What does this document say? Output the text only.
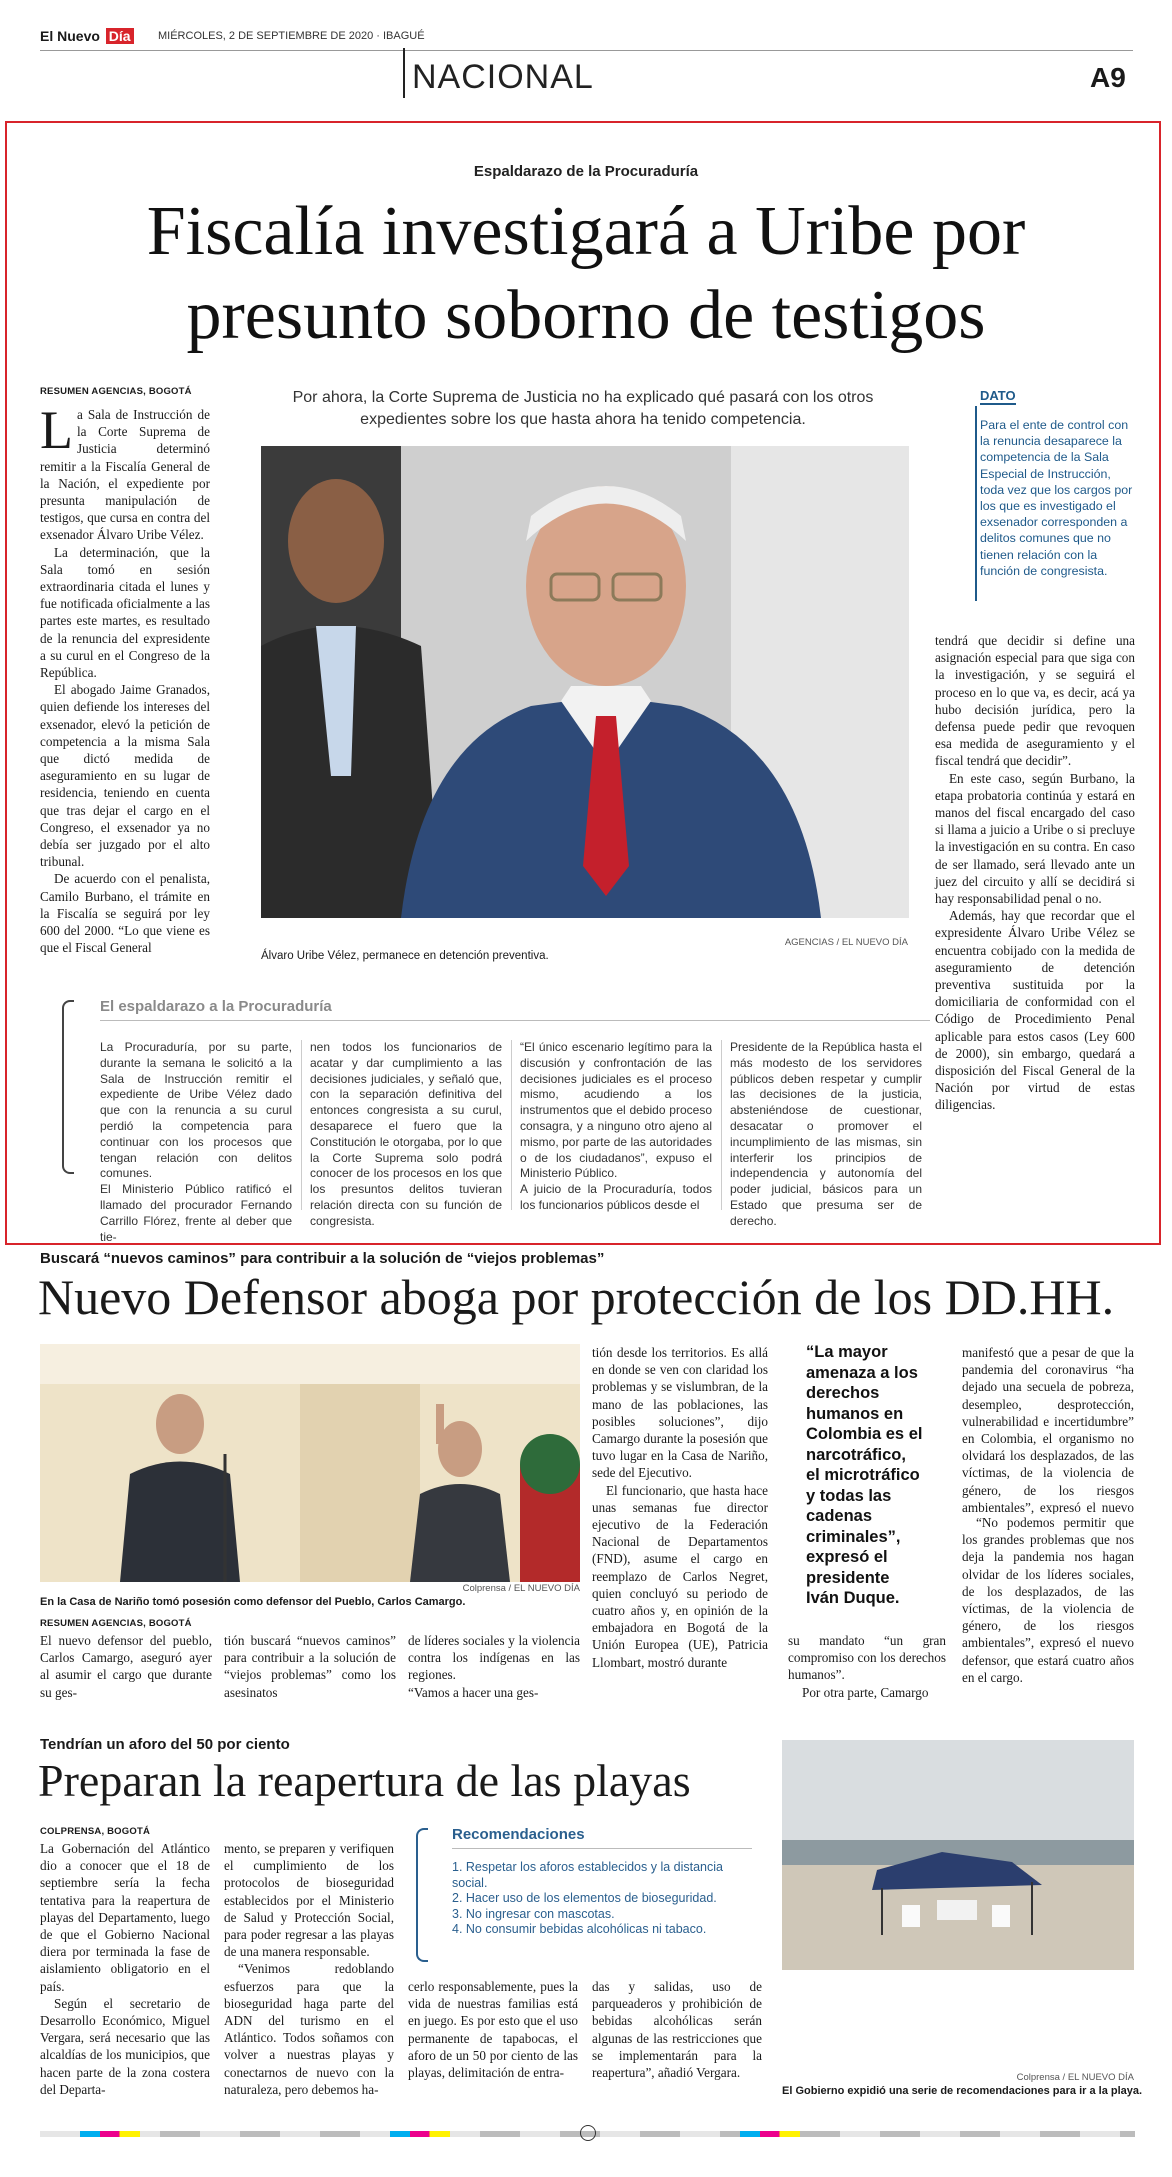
El Nuevo Día MIÉRCOLES, 2 DE SEPTIEMBRE DE 2020 · IBAGUÉ
NACIONAL	A9
Espaldarazo de la Procuraduría
Fiscalía investigará a Uribe por
presunto soborno de testigos
RESUMEN AGENCIAS, BOGOTÁ

La Sala de Instrucción de la Corte Suprema de Justicia determinó remitir a la Fiscalía General de la Nación, el expediente por presunta manipulación de testigos, que cursa en contra del exsenador Álvaro Uribe Vélez.

La determinación, que la Sala tomó en sesión extraordinaria citada el lunes y fue notificada oficialmente a las partes este martes, es resultado de la renuncia del expresidente a su curul en el Congreso de la República.

El abogado Jaime Granados, quien defiende los intereses del exsenador, elevó la petición de competencia a la misma Sala que dictó medida de aseguramiento en su lugar de residencia, teniendo en cuenta que tras dejar el cargo en el Congreso, el exsenador ya no debía ser juzgado por el alto tribunal.

De acuerdo con el penalista, Camilo Burbano, el trámite en la Fiscalía se seguirá por ley 600 del 2000. “Lo que viene es que el Fiscal General

Por ahora, la Corte Suprema de Justicia no ha explicado qué pasará con los otros expedientes sobre los que hasta ahora ha tenido competencia.
AGENCIAS / EL NUEVO DÍA
Álvaro Uribe Vélez, permanece en detención preventiva.
DATO
Para el ente de control con la renuncia desaparece la competencia de la Sala Especial de Instrucción, toda vez que los cargos por los que es investigado el exsenador corresponden a delitos comunes que no tienen relación con la función de congresista.

tendrá que decidir si define una asignación especial para que siga con la investigación, y se seguirá el proceso en lo que va, es decir, acá ya hubo decisión jurídica, pero la defensa puede pedir que revoquen esa medida de aseguramiento y el fiscal tendrá que decidir”.

En este caso, según Burbano, la etapa probatoria continúa y estará en manos del fiscal encargado del caso si llama a juicio a Uribe o si precluye la investigación en su contra. En caso de ser llamado, será llevado ante un juez del circuito y allí se decidirá si hay responsabilidad penal o no.

Además, hay que recordar que el expresidente Álvaro Uribe Vélez se encuentra cobijado con la medida de aseguramiento de detención preventiva sustituida por la domiciliaria de conformidad con el Código de Procedimiento Penal aplicable para estos casos (Ley 600 de 2000), sin embargo, quedará a disposición del Fiscal General de la Nación por virtud de estas diligencias.

El espaldarazo a la Procuraduría
La Procuraduría, por su parte, durante la semana le solicitó a la Sala de Instrucción remitir el expediente de Uribe Vélez dado que con la renuncia a su curul perdió la competencia para continuar con los procesos que tengan relación con delitos comunes.
El Ministerio Público ratificó el llamado del procurador Fernando Carrillo Flórez, frente al deber que tie-
nen todos los funcionarios de acatar y dar cumplimiento a las decisiones judiciales, y señaló que, con la separación definitiva del entonces congresista a su curul, desaparece el fuero que la Constitución le otorgaba, por lo que la Corte Suprema solo podrá conocer de los procesos en los que los presuntos delitos tuvieran relación directa con su función de congresista.
“El único escenario legítimo para la discusión y confrontación de las decisiones judiciales es el proceso mismo, acudiendo a los instrumentos que el debido proceso consagra, y a ninguno otro ajeno al mismo, por parte de las autoridades o de los ciudadanos”, expuso el Ministerio Público.
A juicio de la Procuraduría, todos los funcionarios públicos desde el
Presidente de la República hasta el más modesto de los servidores públicos deben respetar y cumplir las decisiones de la justicia, absteniéndose de cuestionar, desacatar o promover el incumplimiento de las mismas, sin interferir los principios de independencia y autonomía del poder judicial, básicos para un Estado que presuma ser de derecho.
Buscará “nuevos caminos” para contribuir a la solución de “viejos problemas”
Nuevo Defensor aboga por protección de los DD.HH.
Colprensa / EL NUEVO DÍA
En la Casa de Nariño tomó posesión como defensor del Pueblo, Carlos Camargo.
RESUMEN AGENCIAS, BOGOTÁ
El nuevo defensor del pueblo, Carlos Camargo, aseguró ayer al asumir el cargo que durante su ges-
tión buscará “nuevos caminos” para contribuir a la solución de “viejos problemas” como los asesinatos
de líderes sociales y la violencia contra los indígenas en las regiones.
“Vamos a hacer una ges-

tión desde los territorios. Es allá en donde se ven con claridad los problemas y se vislumbran, de la mano de las poblaciones, las posibles soluciones”, dijo Camargo durante la posesión que tuvo lugar en la Casa de Nariño, sede del Ejecutivo.

El funcionario, que hasta hace unas semanas fue director ejecutivo de la Federación Nacional de Departamentos (FND), asume el cargo en reemplazo de Carlos Negret, quien concluyó su periodo de cuatro años y, en opinión de la embajadora en Bogotá de la Unión Europea (UE), Patricia Llombart, mostró durante

“La mayor amenaza a los derechos humanos en Colombia es el narcotráfico, el microtráfico y todas las cadenas criminales”, expresó el presidente Iván Duque.

su mandato “un gran compromiso con los derechos humanos”.

Por otra parte, Camargo

manifestó que a pesar de que la pandemia del coronavirus “ha dejado una secuela de pobreza, desempleo, desprotección, vulnerabilidad e incertidumbre” en Colombia, el organismo no olvidará los desplazados, de las víctimas, de la violencia de género, de los riesgos ambientales”, expresó el nuevo

“No podemos permitir que los grandes problemas que nos deja la pandemia nos hagan olvidar de los líderes sociales, de los desplazados, de las víctimas, de la violencia de género, de los riesgos ambientales”, expresó el nuevo defensor, que estará cuatro años en el cargo.

Tendrían un aforo del 50 por ciento
Preparan la reapertura de las playas
COLPRENSA, BOGOTÁ

La Gobernación del Atlántico dio a conocer que el 18 de septiembre sería la fecha tentativa para la reapertura de playas del Departamento, luego de que el Gobierno Nacional diera por terminada la fase de aislamiento obligatorio en el país.

Según el secretario de Desarrollo Económico, Miguel Vergara, será necesario que las alcaldías de los municipios, que hacen parte de la zona costera del Departa-

mento, se preparen y verifiquen el cumplimiento de los protocolos de bioseguridad establecidos por el Ministerio de Salud y Protección Social, para poder regresar a las playas de una manera responsable.

“Venimos redoblando esfuerzos para que la bioseguridad haga parte del ADN del turismo en el Atlántico. Todos soñamos con volver a nuestras playas y conectarnos de nuevo con la naturaleza, pero debemos ha-

Recomendaciones
1. Respetar los aforos establecidos y la distancia social.
2. Hacer uso de los elementos de bioseguridad.
3. No ingresar con mascotas.
4. No consumir bebidas alcohólicas ni tabaco.
cerlo responsablemente, pues la vida de nuestras familias está en juego. Es por esto que el uso permanente de tapabocas, el aforo de un 50 por ciento de las playas, delimitación de entra-
das y salidas, uso de parqueaderos y prohibición de bebidas alcohólicas serán algunas de las restricciones que se implementarán para la reapertura”, añadió Vergara.	Colprensa / EL NUEVO DÍA
El Gobierno expidió una serie de recomendaciones para ir a la playa.
